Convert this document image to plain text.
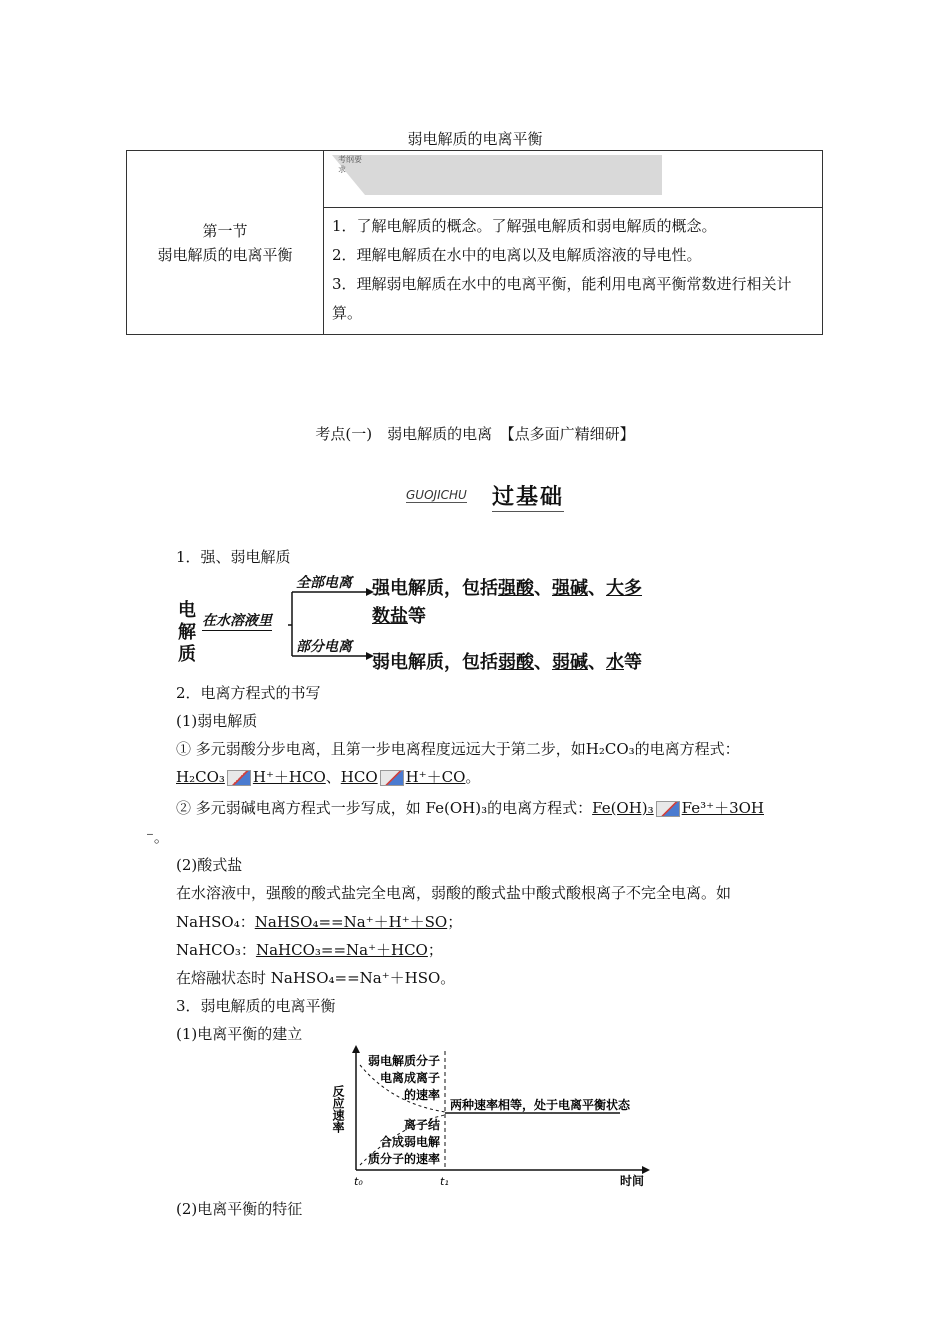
弱电解质的电离平衡
第一节
弱电解质的电离平衡

考纲要求

1．了解电解质的概念。了解强电解质和弱电解质的概念。
2．理解电解质在水中的电离以及电解质溶液的导电性。
3．理解弱电解质在水中的电离平衡，能利用电离平衡常数进行相关计算。
考点(一)　弱电解质的电离　【点多面广精细研】
GUOJICHU 过基础
1．强、弱电解质
电解质
在水溶液里
全部电离 强电解质，包括强酸、强碱、大多
数盐等
部分电离
弱电解质，包括弱酸、弱碱、水等
2．电离方程式的书写
(1)弱电解质
① 多元弱酸分步电离，且第一步电离程度远远大于第二步，如H₂CO₃的电离方程式：
H₂CO₃ H⁺＋HCO、HCO H⁺＋CO。
② 多元弱碱电离方程式一步写成，如 Fe(OH)₃的电离方程式：Fe(OH)₃ Fe³⁺＋3OH
⁻。
(2)酸式盐
在水溶液中，强酸的酸式盐完全电离，弱酸的酸式盐中酸式酸根离子不完全电离。如
NaHSO₄：NaHSO₄==Na⁺＋H⁺＋SO；
NaHCO₃：NaHCO₃==Na⁺＋HCO；
在熔融状态时 NaHSO₄==Na⁺＋HSO。
3．弱电解质的电离平衡
(1)电离平衡的建立
反应速率
时间
t₀	t₁
弱电解质分子
电离成离子
的速率
离子结
合成弱电解
质分子的速率
两种速率相等，处于电离平衡状态
(2)电离平衡的特征
